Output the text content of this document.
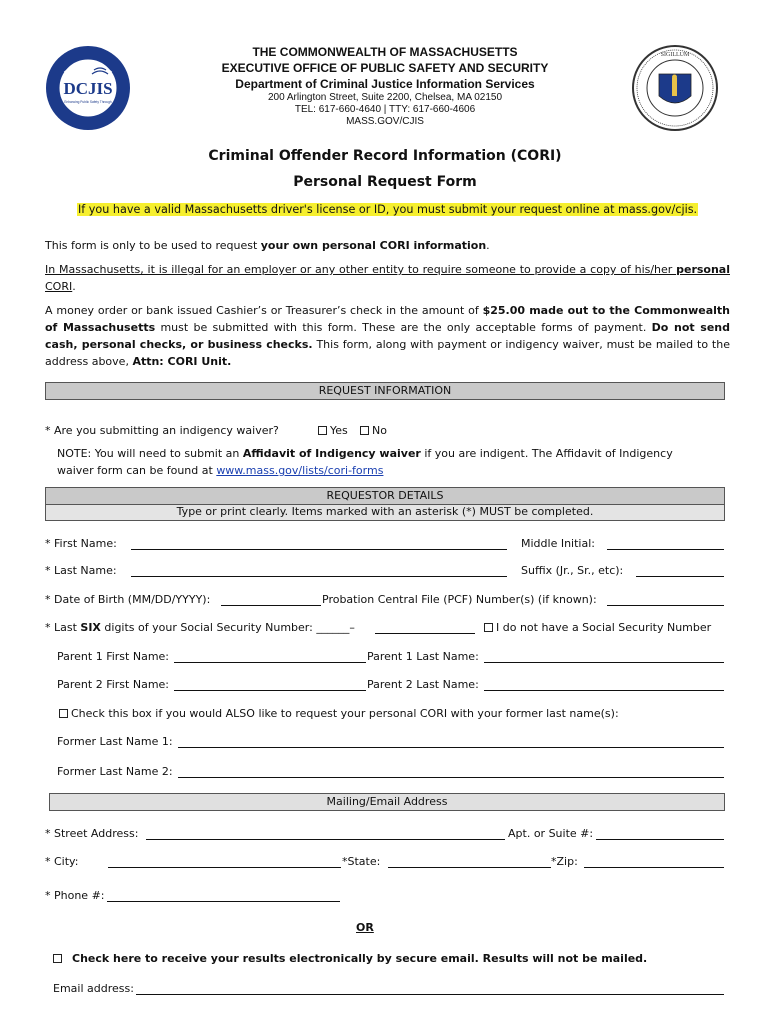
DCJIS
Enhancing Public Safety Through
SIGILLUM
THE COMMONWEALTH OF MASSACHUSETTS
EXECUTIVE OFFICE OF PUBLIC SAFETY AND SECURITY
Department of Criminal Justice Information Services
200 Arlington Street, Suite 2200, Chelsea, MA 02150
TEL: 617-660-4640 | TTY: 617-660-4606
MASS.GOV/CJIS
Criminal Offender Record Information (CORI)
Personal Request Form
If you have a valid Massachusetts driver's license or ID, you must submit your request online at mass.gov/cjis.
This form is only to be used to request your own personal CORI information.
In Massachusetts, it is illegal for an employer or any other entity to require someone to provide a copy of his/her personal CORI.
A money order or bank issued Cashier’s or Treasurer’s check in the amount of $25.00 made out to the Commonwealth of Massachusetts must be submitted with this form. These are the only acceptable forms of payment. Do not send cash, personal checks, or business checks. This form, along with payment or indigency waiver, must be mailed to the address above, Attn: CORI Unit.
REQUEST INFORMATION
* Are you submitting an indigency waiver?	Yes	No
NOTE: You will need to submit an Affidavit of Indigency waiver if you are indigent. The Affidavit of Indigency
waiver form can be found at www.mass.gov/lists/cori-forms
REQUESTOR DETAILS
Type or print clearly. Items marked with an asterisk (*) MUST be completed.
* First Name:	Middle Initial:
* Last Name:	Suffix (Jr., Sr., etc):
* Date of Birth (MM/DD/YYYY):	Probation Central File (PCF) Number(s) (if known):
* Last SIX digits of your Social Security Number: ______–	I do not have a Social Security Number
Parent 1 First Name:	Parent 1 Last Name:
Parent 2 First Name:	Parent 2 Last Name:
Check this box if you would ALSO like to request your personal CORI with your former last name(s):
Former Last Name 1:
Former Last Name 2:
Mailing/Email Address
* Street Address:	Apt. or Suite #:
* City:	*State:	*Zip:
* Phone #:
OR
Check here to receive your results electronically by secure email. Results will not be mailed.
Email address:
